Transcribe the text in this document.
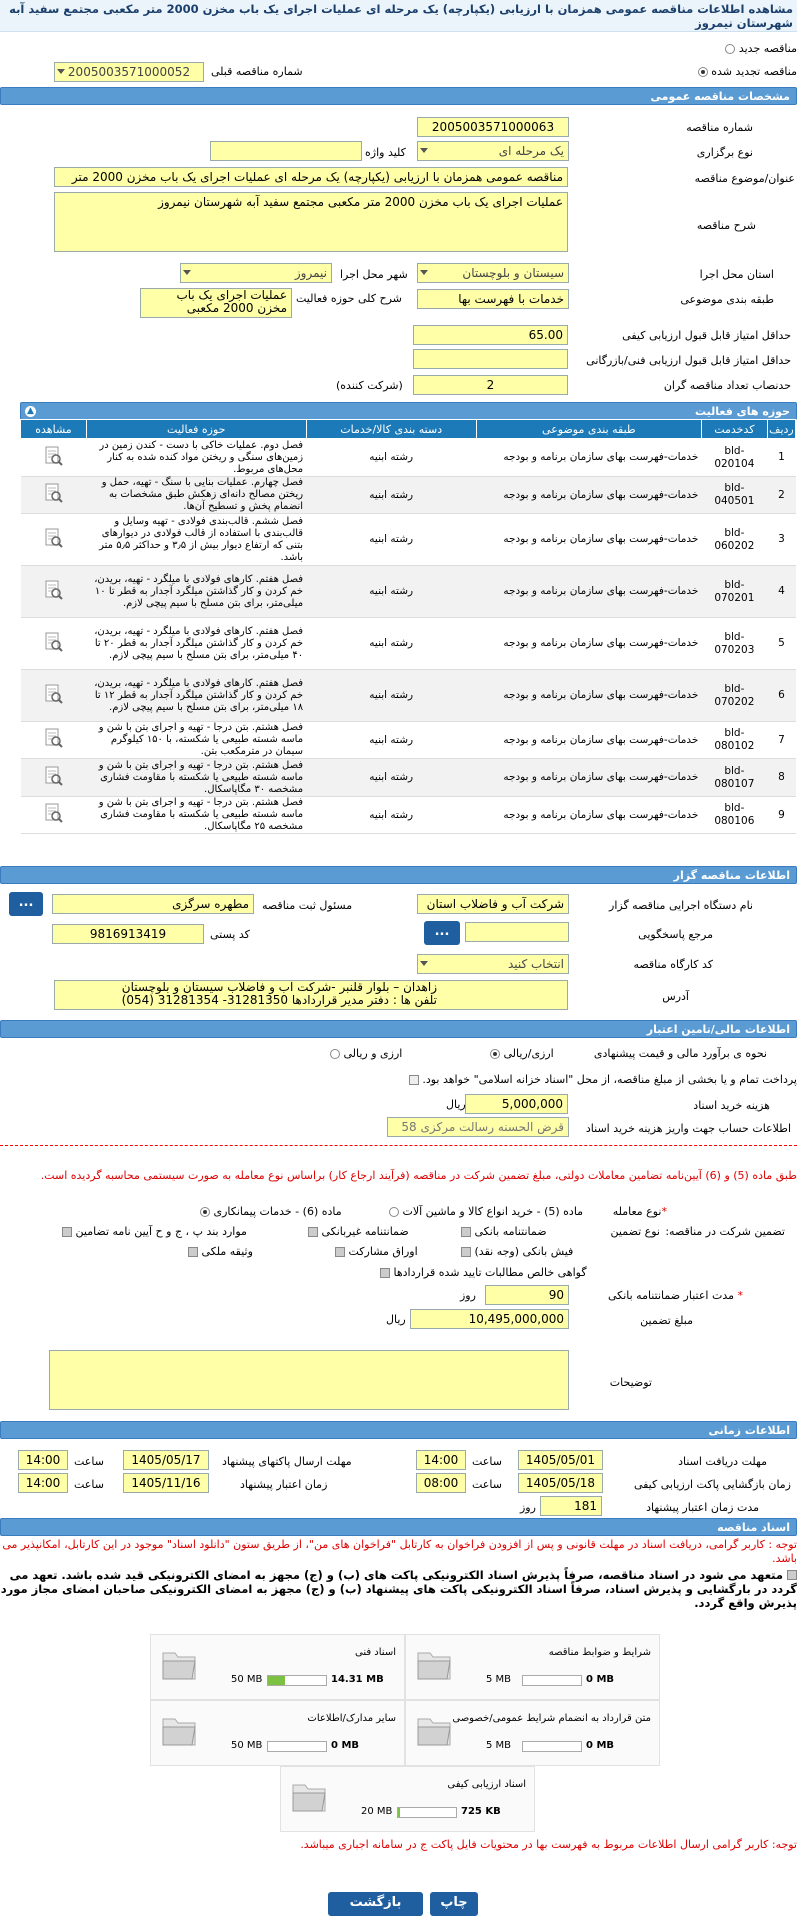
مشاهده اطلاعات مناقصه عمومی همزمان با ارزیابی (یکپارچه) یک مرحله ای عملیات اجرای یک باب مخزن 2000 متر مکعبی مجتمع سفید آبه شهرستان نیمروز
مناقصه جدید
مناقصه تجدید شده
شماره مناقصه قبلی
2005003571000052
مشخصات مناقصه عمومی
شماره مناقصه
2005003571000063
نوع برگزاری
یک مرحله ای
کلید واژه
عنوان/موضوع مناقصه
مناقصه عمومی همزمان با ارزیابی (یکپارچه) یک مرحله ای عملیات اجرای یک باب مخزن 2000 متر
شرح مناقصه
عملیات اجرای یک باب مخزن 2000 متر مکعبی مجتمع سفید آبه شهرستان نیمروز
استان محل اجرا
سیستان و بلوچستان
شهر محل اجرا
نیمروز
طبقه بندی موضوعی
خدمات با فهرست بها
شرح کلی حوزه فعالیت
عملیات اجرای یک باب مخزن 2000 مکعبی
حداقل امتیاز قابل قبول ارزیابی کیفی
65.00
حداقل امتیاز قابل قبول ارزیابی فنی/بازرگانی
حدنصاب تعداد مناقصه گران
2
(شرکت کننده)
حوزه های فعالیت
▲
ردیف	کدخدمت	طبقه بندی موضوعی	دسته بندی کالا/خدمات	حوزه فعالیت	مشاهده
1	bld-020104	خدمات-فهرست بهای سازمان برنامه و بودجه	رشته ابنیه	فصل دوم. عملیات خاکی با دست - کندن زمین در زمین‌های سنگی و ریختن مواد کنده شده به کنار محل‌های مربوط.	
2	bld-040501	خدمات-فهرست بهای سازمان برنامه و بودجه	رشته ابنیه	فصل چهارم. عملیات بنایی با سنگ - تهیه، حمل و ریختن مصالح دانه‌ای زهکش طبق مشخصات به انضمام پخش و تسطیح آن‌ها.	
3	bld-060202	خدمات-فهرست بهای سازمان برنامه و بودجه	رشته ابنیه	فصل ششم. قالب‌بندی فولادی - تهیه وسایل و قالب‌بندی با استفاده از قالب فولادی در دیوارهای بتنی که ارتفاع دیوار بیش از ۳٫۵ و حداکثر ۵٫۵ متر باشد.	
4	bld-070201	خدمات-فهرست بهای سازمان برنامه و بودجه	رشته ابنیه	فصل هفتم. کارهای فولادی با میلگرد - تهیه، بریدن، خم کردن و کار گذاشتن میلگرد آجدار به قطر تا ۱۰ میلی‌متر، برای بتن مسلح با سیم پیچی لازم.	
5	bld-070203	خدمات-فهرست بهای سازمان برنامه و بودجه	رشته ابنیه	فصل هفتم. کارهای فولادی با میلگرد - تهیه، بریدن، خم کردن و کار گذاشتن میلگرد آجدار به قطر ۲۰ تا ۴۰ میلی‌متر، برای بتن مسلح با سیم پیچی لازم.	
6	bld-070202	خدمات-فهرست بهای سازمان برنامه و بودجه	رشته ابنیه	فصل هفتم. کارهای فولادی با میلگرد - تهیه، بریدن، خم کردن و کار گذاشتن میلگرد آجدار به قطر ۱۲ تا ۱۸ میلی‌متر، برای بتن مسلح با سیم پیچی لازم.	
7	bld-080102	خدمات-فهرست بهای سازمان برنامه و بودجه	رشته ابنیه	فصل هشتم. بتن درجا - تهیه و اجرای بتن با شن و ماسه شسته طبیعی یا شکسته، با ۱۵۰ کیلوگرم سیمان در مترمکعب بتن.	
8	bld-080107	خدمات-فهرست بهای سازمان برنامه و بودجه	رشته ابنیه	فصل هشتم. بتن درجا - تهیه و اجرای بتن با شن و ماسه شسته طبیعی یا شکسته با مقاومت فشاری مشخصه ۳۰ مگاپاسکال.	
9	bld-080106	خدمات-فهرست بهای سازمان برنامه و بودجه	رشته ابنیه	فصل هشتم. بتن درجا - تهیه و اجرای بتن با شن و ماسه شسته طبیعی یا شکسته با مقاومت فشاری مشخصه ۲۵ مگاپاسکال.	
اطلاعات مناقصه گزار
نام دستگاه اجرایی مناقصه گزار
شرکت آب و فاضلاب استان
مسئول ثبت مناقصه
مطهره سرگزی
...
مرجع پاسخگویی
...
کد پستی
9816913419
کد کارگاه مناقصه
انتخاب کنید
آدرس
زاهدان – بلوار قلنبر -شرکت آب و فاضلاب سیستان و بلوچستان
تلفن ها : دفتر مدیر قراردادها 31281350- 31281354 (054)
اطلاعات مالی/تامین اعتبار
نحوه ی برآورد مالی و قیمت پیشنهادی
ارزی/ریالی
ارزی و ریالی
پرداخت تمام و یا بخشی از مبلغ مناقصه، از محل "اسناد خزانه اسلامی" خواهد بود.
هزینه خرید اسناد
5,000,000
ریال
اطلاعات حساب جهت واریز هزینه خرید اسناد
قرض الحسنه رسالت مرکزی 58
طبق ماده (5) و (6) آیین‌نامه تضامین معاملات دولتی، مبلغ تضمین شرکت در مناقصه (فرآیند ارجاع کار) براساس نوع معامله به صورت سیستمی محاسبه گردیده است.
*نوع معامله
ماده (5) - خرید انواع کالا و ماشین آلات
ماده (6) - خدمات پیمانکاری
تضمین شرکت در مناقصه:
نوع تضمین
ضمانتنامه بانکی
ضمانتنامه غیربانکی
موارد بند پ ، ج و ح آیین نامه تضامین
فیش بانکی (وجه نقد)
اوراق مشارکت
وثیقه ملکی
گواهی خالص مطالبات تایید شده قراردادها
* مدت اعتبار ضمانتنامه بانکی
90
روز
مبلغ تضمین
10,495,000,000
ریال
توضیحات
اطلاعات زمانی
مهلت دریافت اسناد
1405/05/01
ساعت
14:00
مهلت ارسال پاکتهای پیشنهاد
1405/05/17
ساعت
14:00
زمان بازگشایی پاکت ارزیابی کیفی
1405/05/18
ساعت
08:00
زمان اعتبار پیشنهاد
1405/11/16
ساعت
14:00
مدت زمان اعتبار پیشنهاد
181
روز
اسناد مناقصه
توجه : کاربر گرامی، دریافت اسناد در مهلت قانونی و پس از افزودن فراخوان به کارتابل "فراخوان های من"، از طریق ستون "دانلود اسناد" موجود در این کارتابل، امکانپذیر می باشد.
متعهد می شود در اسناد مناقصه، صرفاً پذیرش اسناد الکترونیکی پاکت های (ب) و (ج) مجهز به امضای الکترونیکی قید شده باشد. تعهد می گردد در بارگشایی و پذیرش اسناد، صرفاً اسناد الکترونیکی پاکت های پیشنهاد (ب) و (ج) مجهز به امضای الکترونیکی صاحبان امضای مجاز مورد پذیرش واقع گردد.
شرایط و ضوابط مناقصه
5 MB	0 MB
اسناد فنی
50 MB	14.31 MB
متن قرارداد به انضمام شرایط عمومی/خصوصی
5 MB	0 MB
سایر مدارک/اطلاعات
50 MB	0 MB
اسناد ارزیابی کیفی
20 MB	725 KB
توجه: کاربر گرامی ارسال اطلاعات مربوط به فهرست بها در محتویات فایل پاکت ج در سامانه اجباری میباشد.
چاپ
بازگشت
